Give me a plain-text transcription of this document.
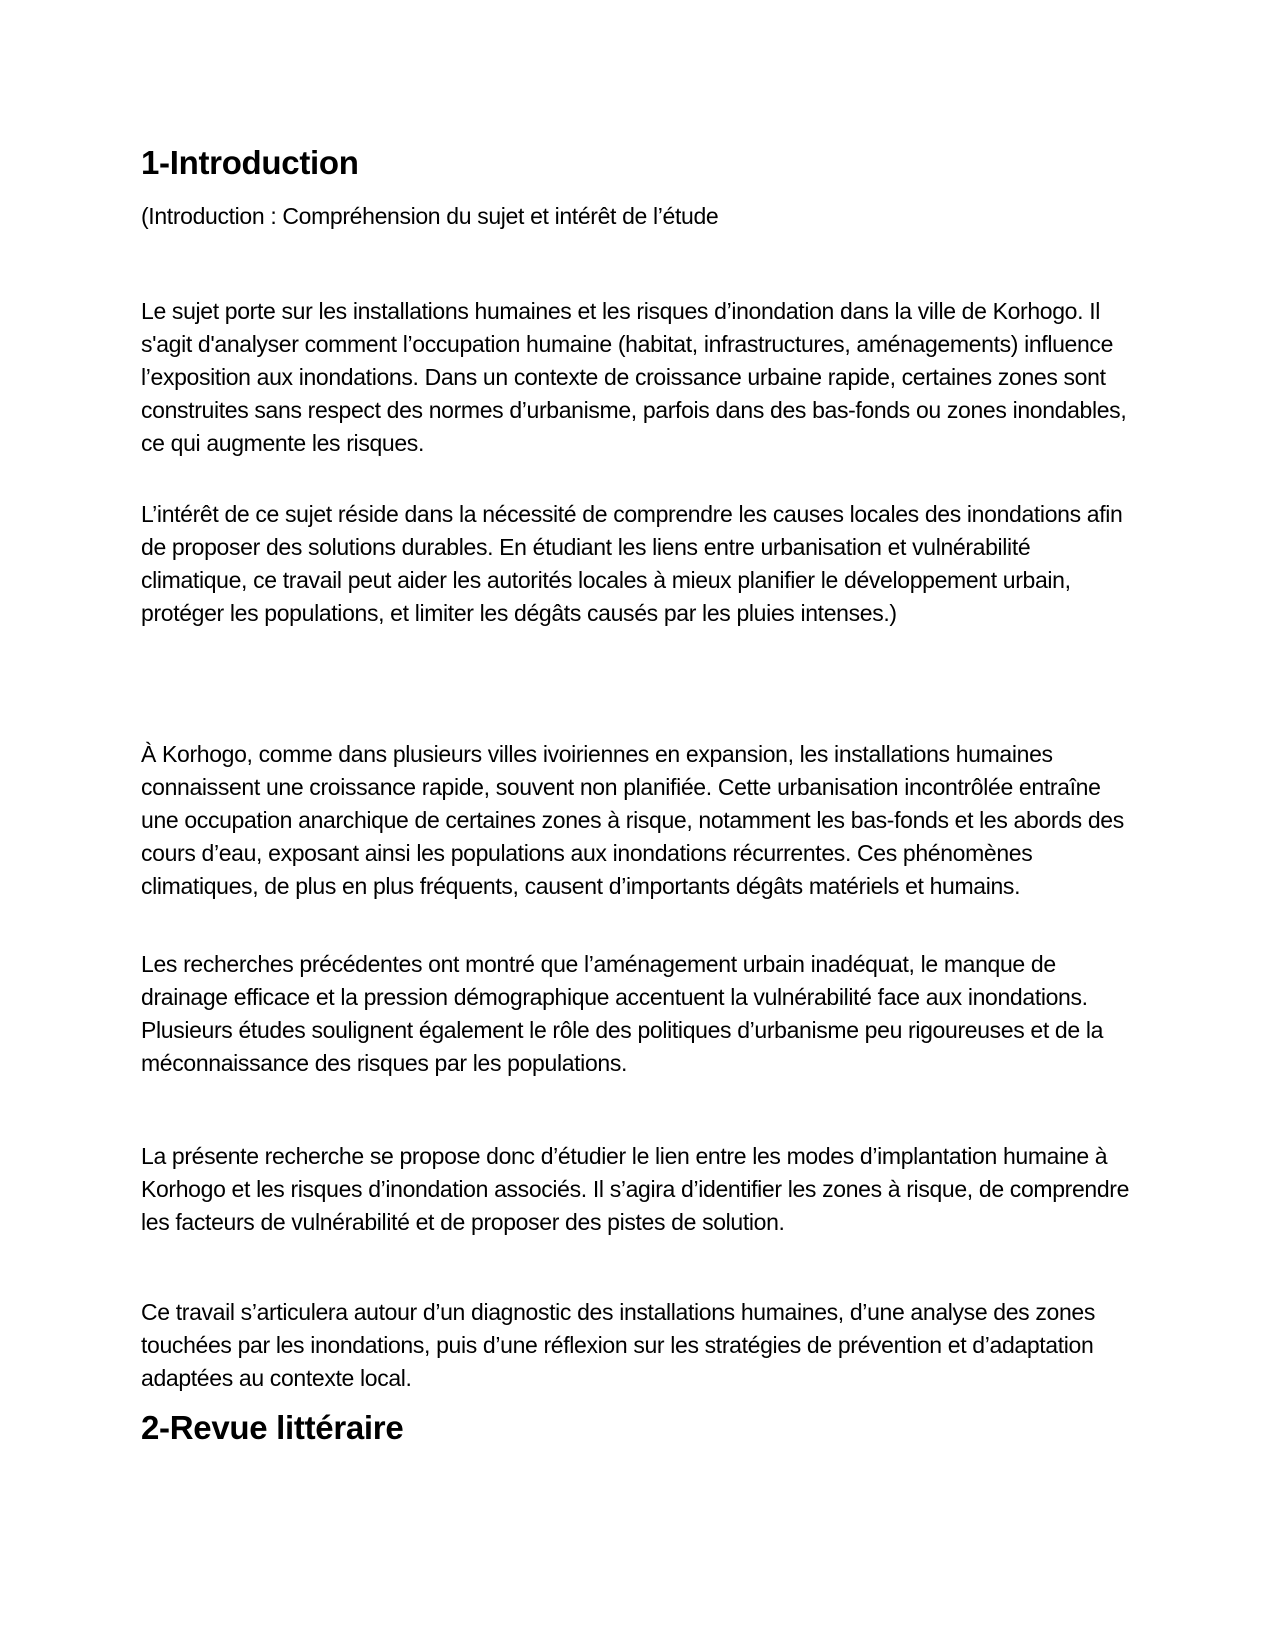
1-Introduction

(Introduction : Compréhension du sujet et intérêt de l’étude

Le sujet porte sur les installations humaines et les risques d’inondation dans la ville de Korhogo. Il s'agit d'analyser comment l’occupation humaine (habitat, infrastructures, aménagements) influence l’exposition aux inondations. Dans un contexte de croissance urbaine rapide, certaines zones sont construites sans respect des normes d’urbanisme, parfois dans des bas-fonds ou zones inondables, ce qui augmente les risques.

L’intérêt de ce sujet réside dans la nécessité de comprendre les causes locales des inondations afin de proposer des solutions durables. En étudiant les liens entre urbanisation et vulnérabilité climatique, ce travail peut aider les autorités locales à mieux planifier le développement urbain, protéger les populations, et limiter les dégâts causés par les pluies intenses.)

À Korhogo, comme dans plusieurs villes ivoiriennes en expansion, les installations humaines connaissent une croissance rapide, souvent non planifiée. Cette urbanisation incontrôlée entraîne une occupation anarchique de certaines zones à risque, notamment les bas-fonds et les abords des cours d’eau, exposant ainsi les populations aux inondations récurrentes. Ces phénomènes climatiques, de plus en plus fréquents, causent d’importants dégâts matériels et humains.

Les recherches précédentes ont montré que l’aménagement urbain inadéquat, le manque de drainage efficace et la pression démographique accentuent la vulnérabilité face aux inondations. Plusieurs études soulignent également le rôle des politiques d’urbanisme peu rigoureuses et de la méconnaissance des risques par les populations.

La présente recherche se propose donc d’étudier le lien entre les modes d’implantation humaine à Korhogo et les risques d’inondation associés. Il s’agira d’identifier les zones à risque, de comprendre les facteurs de vulnérabilité et de proposer des pistes de solution.

Ce travail s’articulera autour d’un diagnostic des installations humaines, d’une analyse des zones touchées par les inondations, puis d’une réflexion sur les stratégies de prévention et d’adaptation adaptées au contexte local.

2-Revue littéraire
